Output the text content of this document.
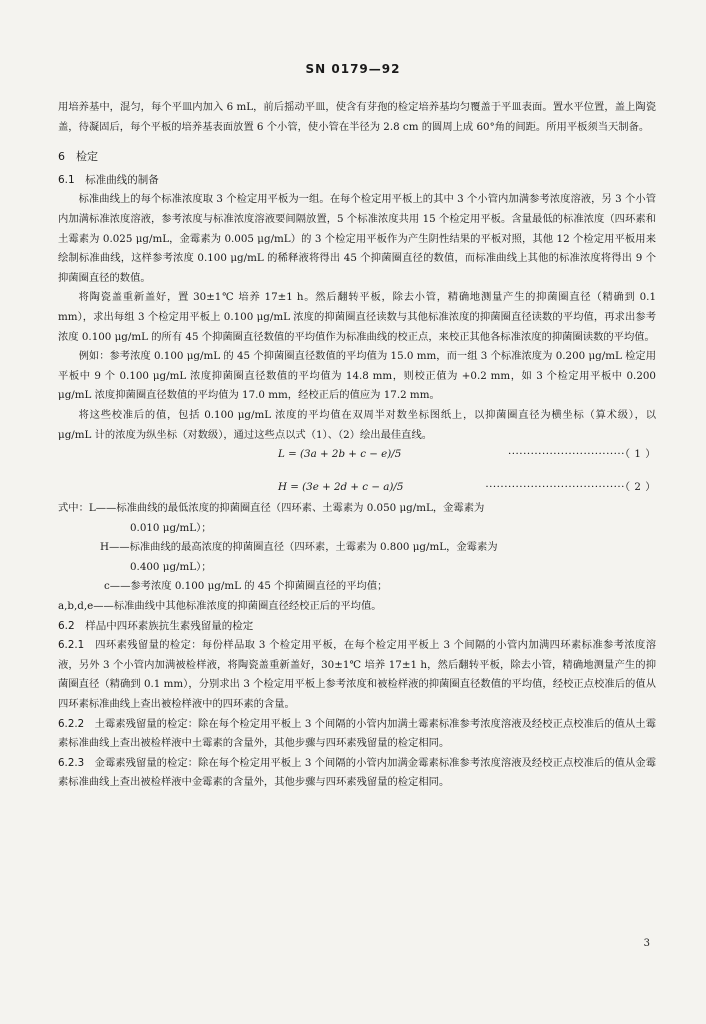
SN 0179—92

用培养基中，混匀，每个平皿内加入 6 mL，前后摇动平皿，使含有芽孢的检定培养基均匀覆盖于平皿表面。置水平位置，盖上陶瓷盖，待凝固后，每个平板的培养基表面放置 6 个小管，使小管在半径为 2.8 cm 的圆周上成 60°角的间距。所用平板须当天制备。

6　检定
6.1　标准曲线的制备

标准曲线上的每个标准浓度取 3 个检定用平板为一组。在每个检定用平板上的其中 3 个小管内加满参考浓度溶液，另 3 个小管内加满标准浓度溶液，参考浓度与标准浓度溶液要间隔放置，5 个标准浓度共用 15 个检定用平板。含量最低的标准浓度（四环素和土霉素为 0.025 μg/mL，金霉素为 0.005 μg/mL）的 3 个检定用平板作为产生阴性结果的平板对照，其他 12 个检定用平板用来绘制标准曲线，这样参考浓度 0.100 μg/mL 的稀释液将得出 45 个抑菌圈直径的数值，而标准曲线上其他的标准浓度将得出 9 个抑菌圈直径的数值。

将陶瓷盖重新盖好，置 30±1℃ 培养 17±1 h。然后翻转平板，除去小管，精确地测量产生的抑菌圈直径（精确到 0.1 mm），求出每组 3 个检定用平板上 0.100 μg/mL 浓度的抑菌圈直径读数与其他标准浓度的抑菌圈直径读数的平均值，再求出参考浓度 0.100 μg/mL 的所有 45 个抑菌圈直径数值的平均值作为标准曲线的校正点，来校正其他各标准浓度的抑菌圈读数的平均值。

例如：参考浓度 0.100 μg/mL 的 45 个抑菌圈直径数值的平均值为 15.0 mm，而一组 3 个标准浓度为 0.200 μg/mL 检定用平板中 9 个 0.100 μg/mL 浓度抑菌圈直径数值的平均值为 14.8 mm，则校正值为 +0.2 mm，如 3 个检定用平板中 0.200 μg/mL 浓度抑菌圈直径数值的平均值为 17.0 mm，经校正后的值应为 17.2 mm。

将这些校准后的值，包括 0.100 μg/mL 浓度的平均值在双周半对数坐标图纸上，以抑菌圈直径为横坐标（算术级），以 μg/mL 计的浓度为纵坐标（对数级），通过这些点以式（1）、（2）绘出最佳直线。

L = (3a + 2b + c − e)/5	·······························（ 1 ）
H = (3e + 2d + c − a)/5	·····································（ 2 ）
式中：L——标准曲线的最低浓度的抑菌圈直径（四环素、土霉素为 0.050 μg/mL，金霉素为
0.010 μg/mL）；
H——标准曲线的最高浓度的抑菌圈直径（四环素，土霉素为 0.800 μg/mL，金霉素为
0.400 μg/mL）；
c——参考浓度 0.100 μg/mL 的 45 个抑菌圈直径的平均值；
a,b,d,e——标准曲线中其他标准浓度的抑菌圈直径经校正后的平均值。
6.2　样品中四环素族抗生素残留量的检定

6.2.1　 四环素残留量的检定：每份样品取 3 个检定用平板，在每个检定用平板上 3 个间隔的小管内加满四环素标准参考浓度溶液，另外 3 个小管内加满被检样液，将陶瓷盖重新盖好，30±1℃ 培养 17±1 h，然后翻转平板，除去小管，精确地测量产生的抑菌圈直径（精确到 0.1 mm），分别求出 3 个检定用平板上参考浓度和被检样液的抑菌圈直径数值的平均值，经校正点校准后的值从四环素标准曲线上查出被检样液中的四环素的含量。

6.2.2　 土霉素残留量的检定：除在每个检定用平板上 3 个间隔的小管内加满土霉素标准参考浓度溶液及经校正点校准后的值从土霉素标准曲线上查出被检样液中土霉素的含量外，其他步骤与四环素残留量的检定相同。

6.2.3　 金霉素残留量的检定：除在每个检定用平板上 3 个间隔的小管内加满金霉素标准参考浓度溶液及经校正点校准后的值从金霉素标准曲线上查出被检样液中金霉素的含量外，其他步骤与四环素残留量的检定相同。

3
